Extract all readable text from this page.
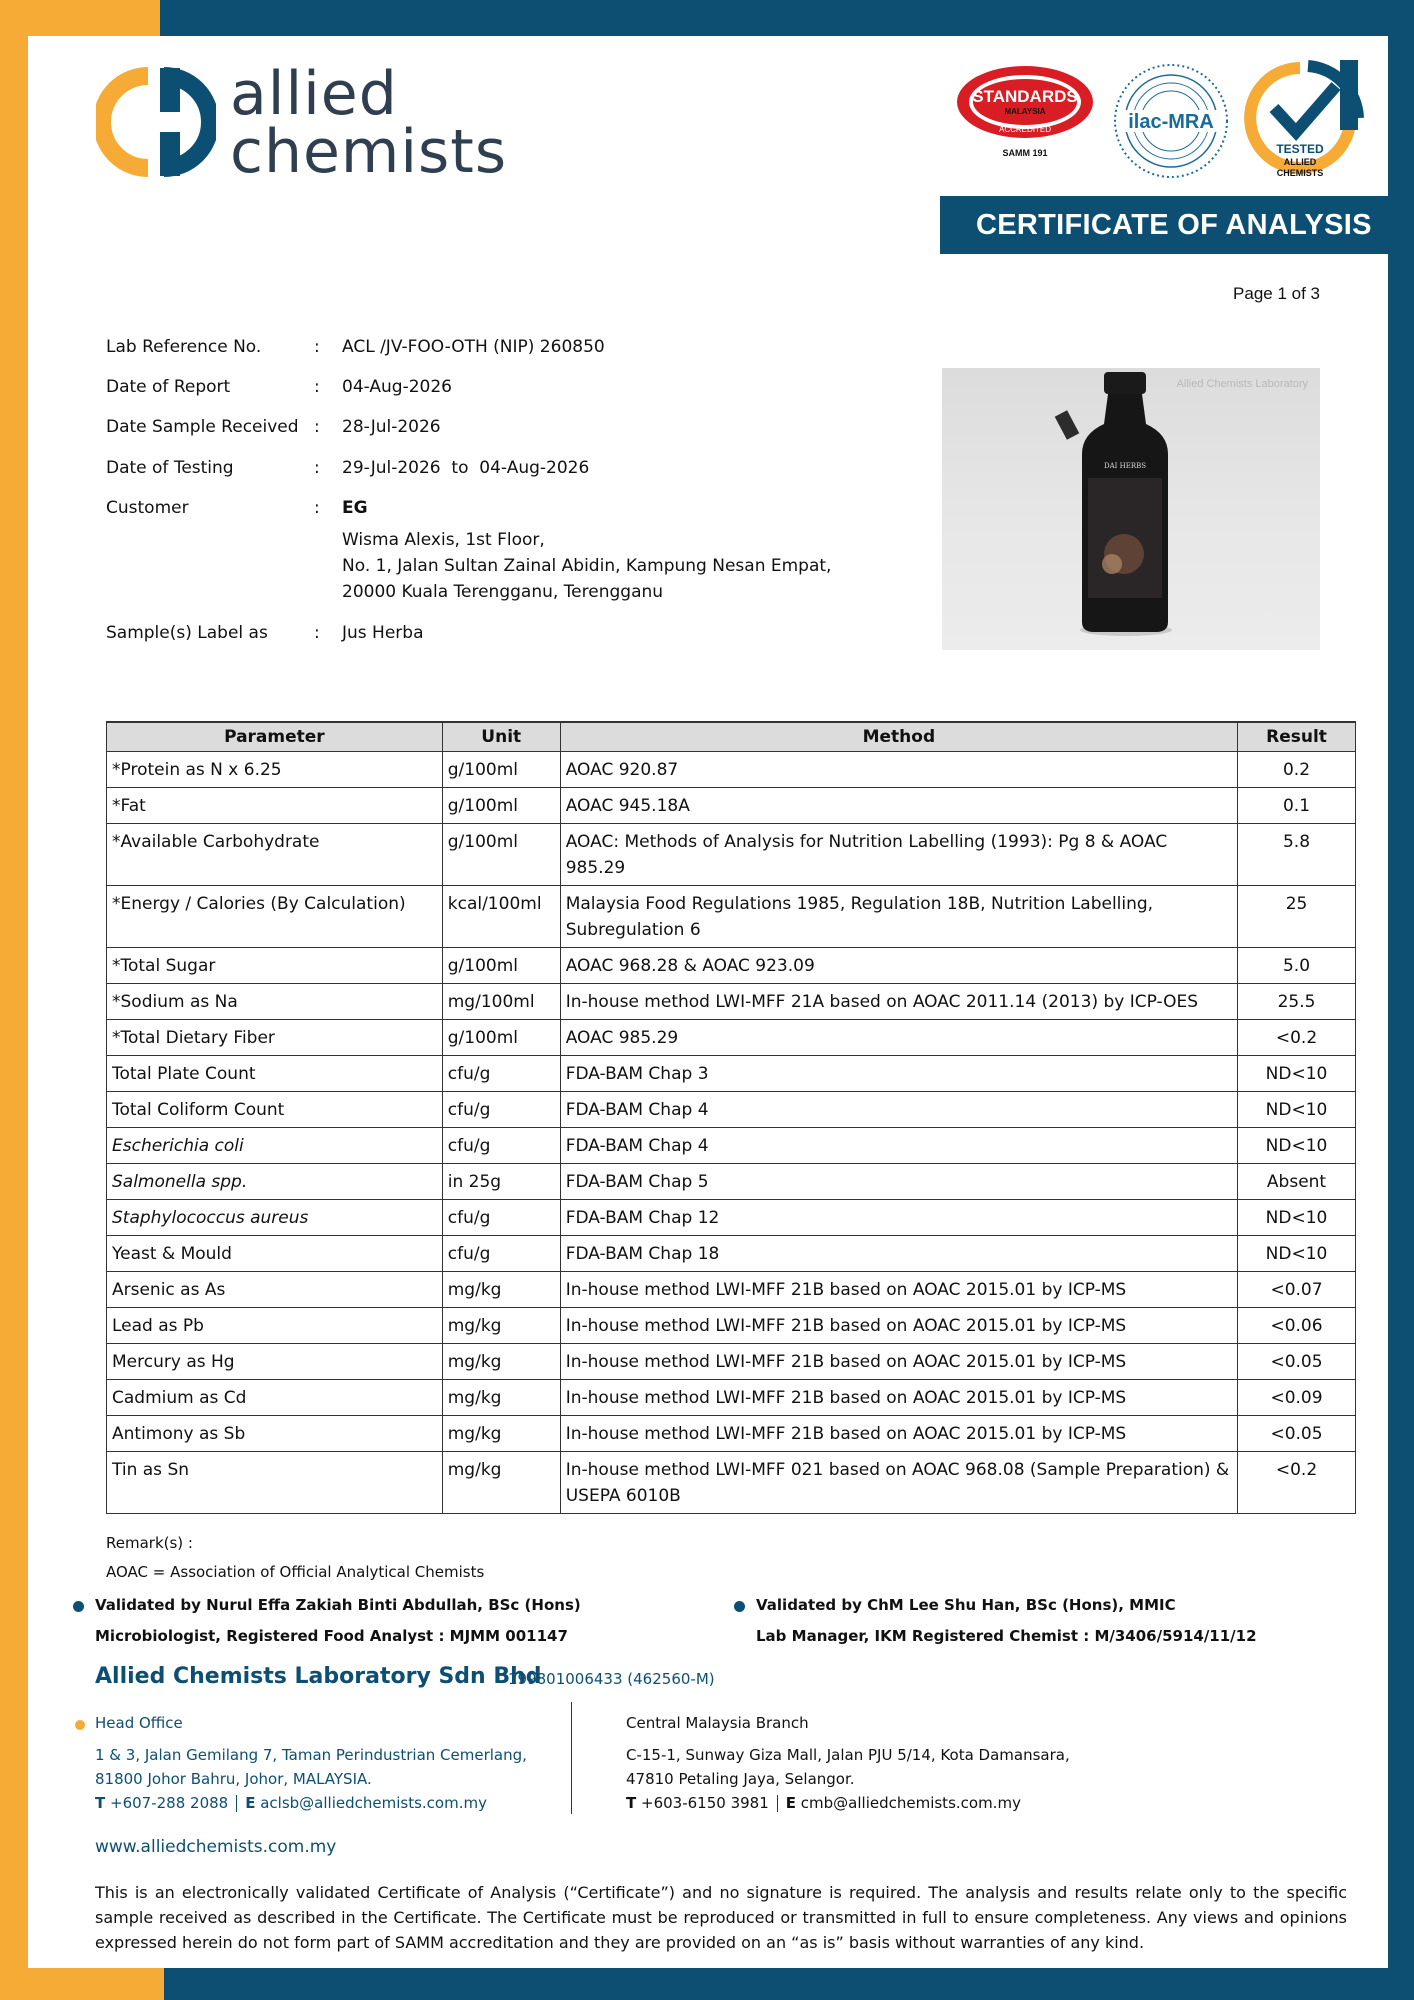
allied
chemists
STANDARDS
MALAYSIA
ACCREDITED
SAMM 191
ilac-MRA
TESTED
ALLIED
CHEMISTS
CERTIFICATE OF ANALYSIS
Page 1 of 3
Lab Reference No.	: ACL /JV-FOO-OTH (NIP) 260850
Date of Report	: 04-Aug-2026
Date Sample Received : 28-Jul-2026
Date of Testing	: 29-Jul-2026  to  04-Aug-2026
Customer	: EG
Wisma Alexis, 1st Floor,
No. 1, Jalan Sultan Zainal Abidin, Kampung Nesan Empat,
20000 Kuala Terengganu, Terengganu
Sample(s) Label as	: Jus Herba
Allied Chemists Laboratory
DAI HERBS
Parameter	Unit	Method	Result
*Protein as N x 6.25	g/100ml	AOAC 920.87	0.2
*Fat	g/100ml	AOAC 945.18A	0.1
*Available Carbohydrate	g/100ml	AOAC: Methods of Analysis for Nutrition Labelling (1993): Pg 8 & AOAC 985.29	5.8
*Energy / Calories (By Calculation)	kcal/100ml	Malaysia Food Regulations 1985, Regulation 18B, Nutrition Labelling, Subregulation 6	25
*Total Sugar	g/100ml	AOAC 968.28 & AOAC 923.09	5.0
*Sodium as Na	mg/100ml	In-house method LWI-MFF 21A based on AOAC 2011.14 (2013) by ICP-OES	25.5
*Total Dietary Fiber	g/100ml	AOAC 985.29	<0.2
Total Plate Count	cfu/g	FDA-BAM Chap 3	ND<10
Total Coliform Count	cfu/g	FDA-BAM Chap 4	ND<10
Escherichia coli	cfu/g	FDA-BAM Chap 4	ND<10
Salmonella spp.	in 25g	FDA-BAM Chap 5	Absent
Staphylococcus aureus	cfu/g	FDA-BAM Chap 12	ND<10
Yeast & Mould	cfu/g	FDA-BAM Chap 18	ND<10
Arsenic as As	mg/kg	In-house method LWI-MFF 21B based on AOAC 2015.01 by ICP-MS	<0.07
Lead as Pb	mg/kg	In-house method LWI-MFF 21B based on AOAC 2015.01 by ICP-MS	<0.06
Mercury as Hg	mg/kg	In-house method LWI-MFF 21B based on AOAC 2015.01 by ICP-MS	<0.05
Cadmium as Cd	mg/kg	In-house method LWI-MFF 21B based on AOAC 2015.01 by ICP-MS	<0.09
Antimony as Sb	mg/kg	In-house method LWI-MFF 21B based on AOAC 2015.01 by ICP-MS	<0.05
Tin as Sn	mg/kg	In-house method LWI-MFF 021 based on AOAC 968.08 (Sample Preparation) & USEPA 6010B	<0.2
Remark(s) :
AOAC = Association of Official Analytical Chemists
Validated by Nurul Effa Zakiah Binti Abdullah, BSc (Hons)
Microbiologist, Registered Food Analyst : MJMM 001147
Validated by ChM Lee Shu Han, BSc (Hons), MMIC
Lab Manager, IKM Registered Chemist : M/3406/5914/11/12
Allied Chemists Laboratory Sdn Bhd
199801006433 (462560-M)
Head Office
1 & 3, Jalan Gemilang 7, Taman Perindustrian Cemerlang,
81800 Johor Bahru, Johor, MALAYSIA.
T +607-288 2088 E aclsb@alliedchemists.com.my
Central Malaysia Branch
C-15-1, Sunway Giza Mall, Jalan PJU 5/14, Kota Damansara,
47810 Petaling Jaya, Selangor.
T +603-6150 3981 E cmb@alliedchemists.com.my
www.alliedchemists.com.my
This is an electronically validated Certificate of Analysis (“Certificate”) and no signature is required. The analysis and results relate only to the specific sample received as described in the Certificate. The Certificate must be reproduced or transmitted in full to ensure completeness. Any views and opinions expressed herein do not form part of SAMM accreditation and they are provided on an “as is” basis without warranties of any kind.
